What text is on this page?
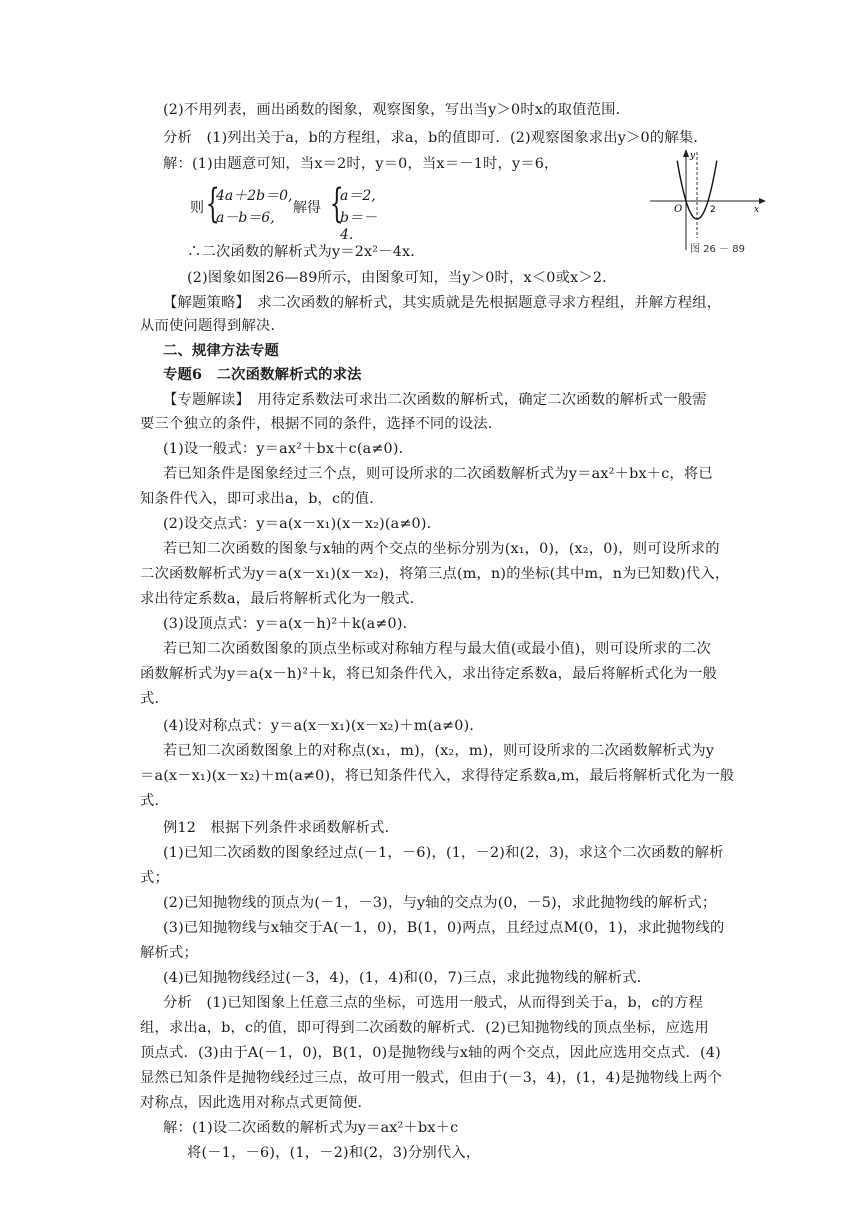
(2)不用列表，画出函数的图象，观察图象，写出当y＞0时x的取值范围．
分析　(1)列出关于a，b的方程组，求a，b的值即可．(2)观察图象求出y＞0的解集．
解：(1)由题意可知，当x＝2时，y＝0，当x＝－1时，y＝6，
∴二次函数的解析式为y＝2x²－4x．
(2)图象如图26—89所示，由图象可知，当y＞0时，x＜0或x＞2．
【解题策略】　求二次函数的解析式，其实质就是先根据题意寻求方程组，并解方程组，
从而使问题得到解决．
二、规律方法专题
专题6　二次函数解析式的求法
【专题解读】　用待定系数法可求出二次函数的解析式，确定二次函数的解析式一般需
要三个独立的条件，根据不同的条件，选择不同的设法．
(1)设一般式：y＝ax²＋bx＋c(a≠0)．
若已知条件是图象经过三个点，则可设所求的二次函数解析式为y＝ax²＋bx＋c，将已
知条件代入，即可求出a，b，c的值．
(2)设交点式：y＝a(x－x₁)(x－x₂)(a≠0)．
若已知二次函数的图象与x轴的两个交点的坐标分别为(x₁，0)，(x₂，0)，则可设所求的
二次函数解析式为y＝a(x－x₁)(x－x₂)，将第三点(m，n)的坐标(其中m，n为已知数)代入，
求出待定系数a，最后将解析式化为一般式．
(3)设顶点式：y＝a(x－h)²＋k(a≠0)．
若已知二次函数图象的顶点坐标或对称轴方程与最大值(或最小值)，则可设所求的二次
函数解析式为y＝a(x－h)²＋k，将已知条件代入，求出待定系数a，最后将解析式化为一般
式．
(4)设对称点式：y＝a(x－x₁)(x－x₂)＋m(a≠0)．
若已知二次函数图象上的对称点(x₁，m)，(x₂，m)，则可设所求的二次函数解析式为y
＝a(x－x₁)(x－x₂)＋m(a≠0)，将已知条件代入，求得待定系数a,m，最后将解析式化为一般
式．
例12　根据下列条件求函数解析式．
(1)已知二次函数的图象经过点(－1，－6)，(1，－2)和(2，3)，求这个二次函数的解析
式；
(2)已知抛物线的顶点为(－1，－3)，与y轴的交点为(0，－5)，求此抛物线的解析式；
(3)已知抛物线与x轴交于A(－1，0)，B(1，0)两点，且经过点M(0，1)，求此抛物线的
解析式；
(4)已知抛物线经过(－3，4)，(1，4)和(0，7)三点，求此抛物线的解析式．
分析　(1)已知图象上任意三点的坐标，可选用一般式，从而得到关于a，b，c的方程
组，求出a，b，c的值，即可得到二次函数的解析式．(2)已知抛物线的顶点坐标，应选用
顶点式．(3)由于A(－1，0)，B(1，0)是抛物线与x轴的两个交点，因此应选用交点式．(4)
显然已知条件是抛物线经过三点，故可用一般式，但由于(－3，4)，(1，4)是抛物线上两个
对称点，因此选用对称点式更简便．
解：(1)设二次函数的解析式为y＝ax²＋bx＋c
将(－1，－6)，(1，－2)和(2，3)分别代入，
则 {
4a＋2b＝0,
a－b＝6,
解得 {
a＝2,
b＝－4.
y
x
O	2
图 26 － 89
